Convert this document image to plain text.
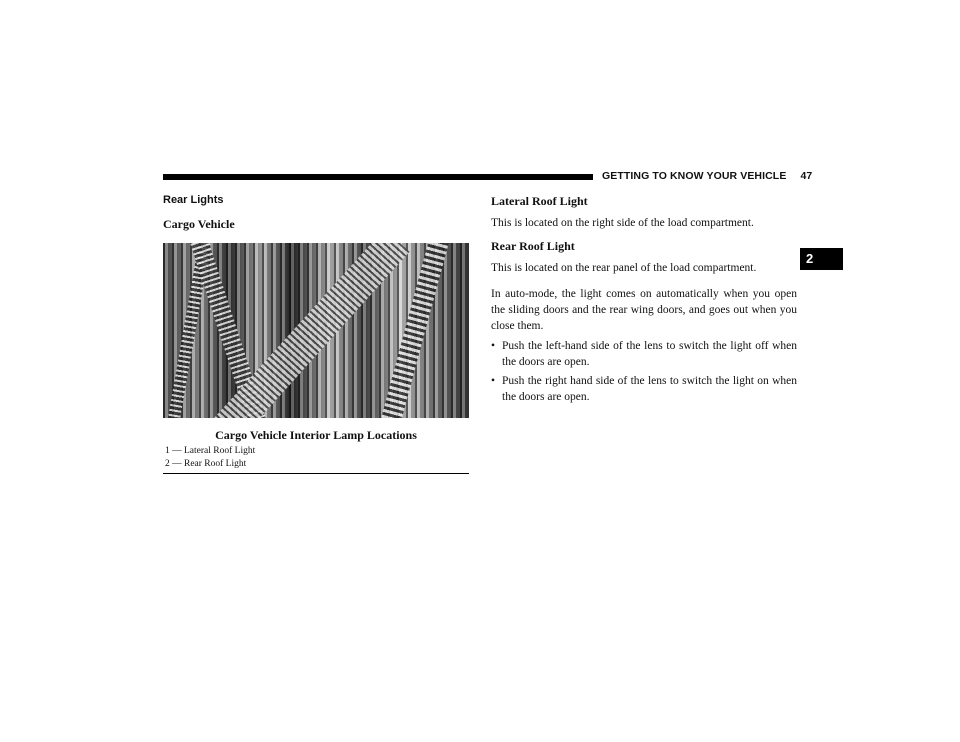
GETTING TO KNOW YOUR VEHICLE 47
2
Rear Lights
Cargo Vehicle
Cargo Vehicle Interior Lamp Locations
1 — Lateral Roof Light
2 — Rear Roof Light
Lateral Roof Light

This is located on the right side of the load compartment.

Rear Roof Light

This is located on the rear panel of the load compartment.

In auto-mode, the light comes on automatically when you open the sliding doors and the rear wing doors, and goes out when you close them.

• Push the left-hand side of the lens to switch the light off when the doors are open.
• Push the right hand side of the lens to switch the light on when the doors are open.
